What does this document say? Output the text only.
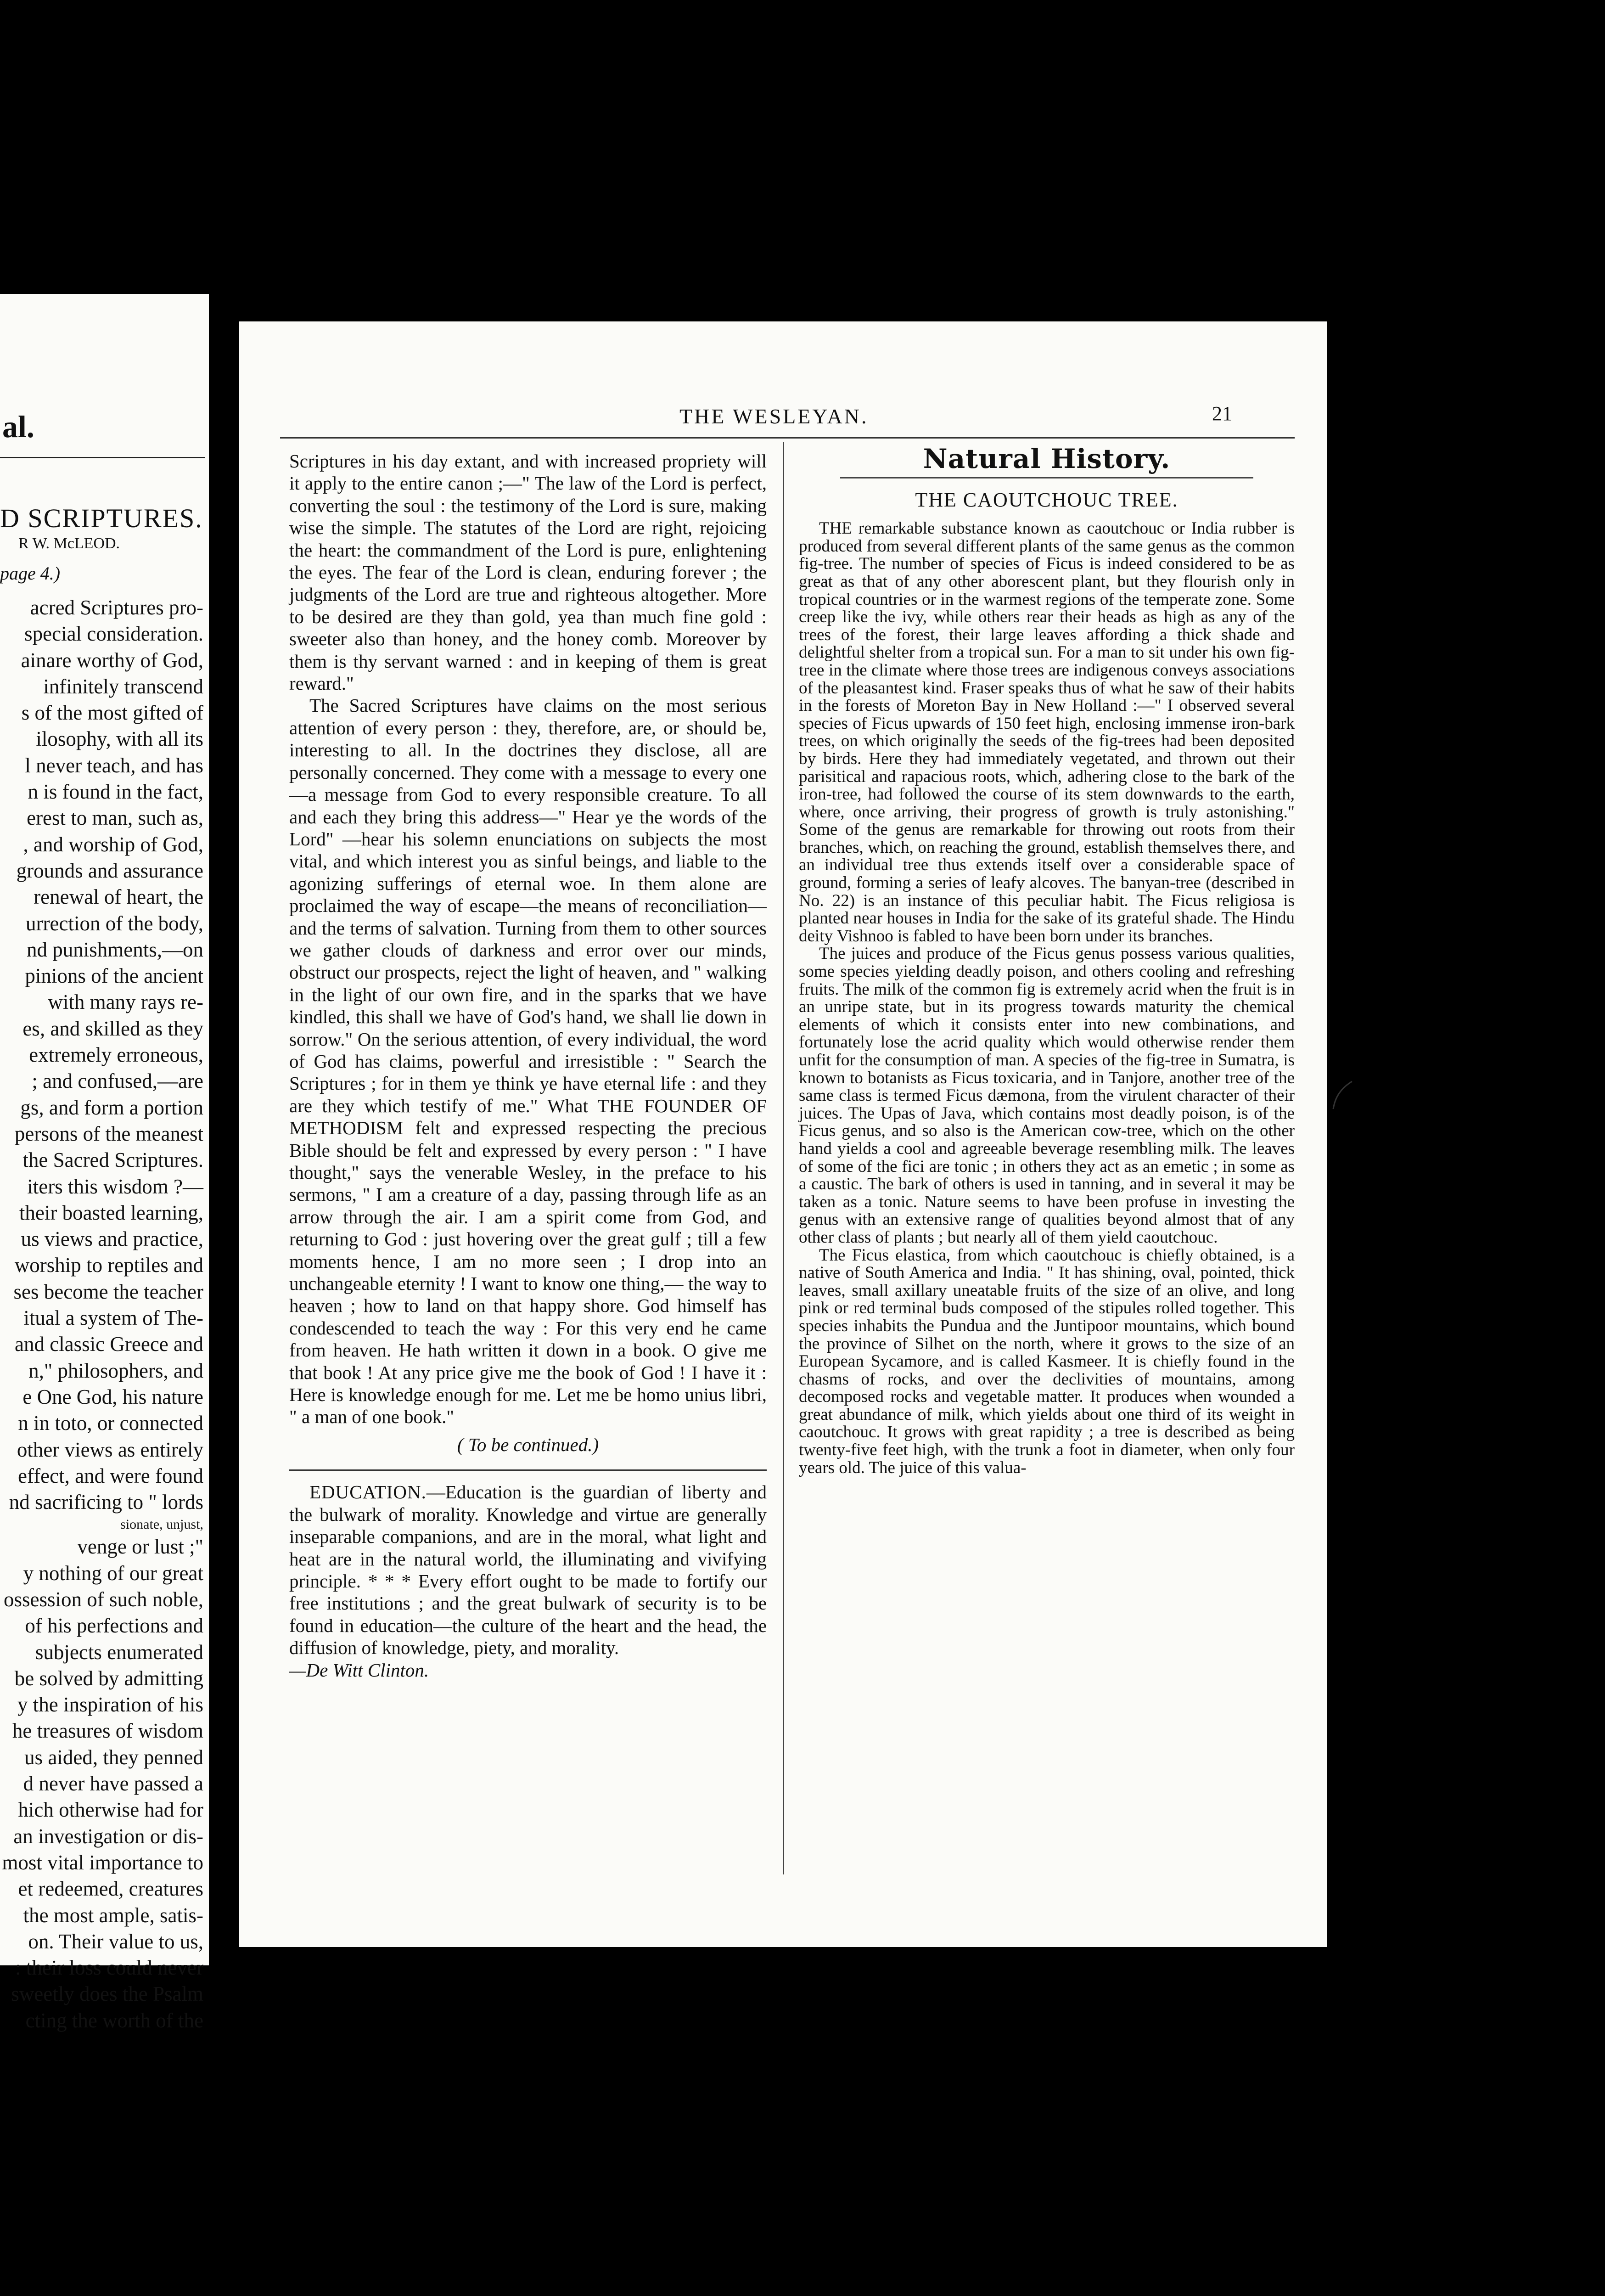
al.
D SCRIPTURES.
R W. McLEOD.
page 4.)

acred Scriptures pro-

special consideration.

ainare worthy of God,

infinitely transcend

s of the most gifted of

ilosophy, with all its

l never teach, and has

n is found in the fact,

erest to man, such as,

, and worship of God,

grounds and assurance

renewal of heart, the

urrection of the body,

nd punishments,—on

pinions of the ancient

with many rays re-

es, and skilled as they

extremely erroneous,

; and confused,—are

gs, and form a portion

persons of the meanest

the Sacred Scriptures.

iters this wisdom ?—

their boasted learning,

us views and practice,

worship to reptiles and

ses become the teacher

itual a system of The-

and classic Greece and

n," philosophers, and

e One God, his nature

n in toto, or connected

other views as entirely

effect, and were found

nd sacrificing to " lords

sionate, unjust,

venge or lust ;"

y nothing of our great

ossession of such noble,

of his perfections and

subjects enumerated

be solved by admitting

y the inspiration of his

he treasures of wisdom

us aided, they penned

d never have passed a

hich otherwise had for

an investigation or dis-

most vital importance to

et redeemed, creatures

the most ample, satis-

on. Their value to us,

: their loss could never

sweetly does the Psalm

cting the worth of the

THE WESLEYAN.	21

Scriptures in his day extant, and with increased propriety will it apply to the entire canon ;—" The law of the Lord is perfect, converting the soul : the testimony of the Lord is sure, making wise the simple. The statutes of the Lord are right, rejoicing the heart: the commandment of the Lord is pure, enlightening the eyes. The fear of the Lord is clean, enduring forever ; the judgments of the Lord are true and righteous altogether. More to be desired are they than gold, yea than much fine gold : sweeter also than honey, and the honey comb. Moreover by them is thy servant warned : and in keeping of them is great reward."

The Sacred Scriptures have claims on the most serious attention of every person : they, therefore, are, or should be, interesting to all. In the doctrines they disclose, all are personally concerned. They come with a message to every one—a message from God to every responsible creature. To all and each they bring this address—" Hear ye the words of the Lord" —hear his solemn enunciations on subjects the most vital, and which interest you as sinful beings, and liable to the agonizing sufferings of eternal woe. In them alone are proclaimed the way of escape—the means of reconciliation—and the terms of salvation. Turning from them to other sources we gather clouds of darkness and error over our minds, obstruct our prospects, reject the light of heaven, and " walking in the light of our own fire, and in the sparks that we have kindled, this shall we have of God's hand, we shall lie down in sorrow." On the serious attention, of every individual, the word of God has claims, powerful and irresistible : " Search the Scriptures ; for in them ye think ye have eternal life : and they are they which testify of me." What THE FOUNDER OF METHODISM felt and expressed respecting the precious Bible should be felt and expressed by every person : " I have thought," says the venerable Wesley, in the preface to his sermons, " I am a creature of a day, passing through life as an arrow through the air. I am a spirit come from God, and returning to God : just hovering over the great gulf ; till a few moments hence, I am no more seen ; I drop into an unchangeable eternity ! I want to know one thing,— the way to heaven ; how to land on that happy shore. God himself has condescended to teach the way : For this very end he came from heaven. He hath written it down in a book. O give me that book ! At any price give me the book of God ! I have it : Here is knowledge enough for me. Let me be homo unius libri, " a man of one book."

( To be continued.)

EDUCATION.—Education is the guardian of liberty and the bulwark of morality. Knowledge and virtue are generally inseparable companions, and are in the moral, what light and heat are in the natural world, the illuminating and vivifying principle. * * * Every effort ought to be made to fortify our free institutions ; and the great bulwark of security is to be found in education—the culture of the heart and the head, the diffusion of knowledge, piety, and morality.

—De Witt Clinton.

Natural History.
THE CAOUTCHOUC TREE.

THE remarkable substance known as caoutchouc or India rubber is produced from several different plants of the same genus as the common fig-tree. The number of species of Ficus is indeed considered to be as great as that of any other aborescent plant, but they flourish only in tropical countries or in the warmest regions of the temperate zone. Some creep like the ivy, while others rear their heads as high as any of the trees of the forest, their large leaves affording a thick shade and delightful shelter from a tropical sun. For a man to sit under his own fig-tree in the climate where those trees are indigenous conveys associations of the pleasantest kind. Fraser speaks thus of what he saw of their habits in the forests of Moreton Bay in New Holland :—" I observed several species of Ficus upwards of 150 feet high, enclosing immense iron-bark trees, on which originally the seeds of the fig-trees had been deposited by birds. Here they had immediately vegetated, and thrown out their parisitical and rapacious roots, which, adhering close to the bark of the iron-tree, had followed the course of its stem downwards to the earth, where, once arriving, their progress of growth is truly astonishing." Some of the genus are remarkable for throwing out roots from their branches, which, on reaching the ground, establish themselves there, and an individual tree thus extends itself over a considerable space of ground, forming a series of leafy alcoves. The banyan-tree (described in No. 22) is an instance of this peculiar habit. The Ficus religiosa is planted near houses in India for the sake of its grateful shade. The Hindu deity Vishnoo is fabled to have been born under its branches.

The juices and produce of the Ficus genus possess various qualities, some species yielding deadly poison, and others cooling and refreshing fruits. The milk of the common fig is extremely acrid when the fruit is in an unripe state, but in its progress towards maturity the chemical elements of which it consists enter into new combinations, and fortunately lose the acrid quality which would otherwise render them unfit for the consumption of man. A species of the fig-tree in Sumatra, is known to botanists as Ficus toxicaria, and in Tanjore, another tree of the same class is termed Ficus dæmona, from the virulent character of their juices. The Upas of Java, which contains most deadly poison, is of the Ficus genus, and so also is the American cow-tree, which on the other hand yields a cool and agreeable beverage resembling milk. The leaves of some of the fici are tonic ; in others they act as an emetic ; in some as a caustic. The bark of others is used in tanning, and in several it may be taken as a tonic. Nature seems to have been profuse in investing the genus with an extensive range of qualities beyond almost that of any other class of plants ; but nearly all of them yield caoutchouc.

The Ficus elastica, from which caoutchouc is chiefly obtained, is a native of South America and India. " It has shining, oval, pointed, thick leaves, small axillary uneatable fruits of the size of an olive, and long pink or red terminal buds composed of the stipules rolled together. This species inhabits the Pundua and the Juntipoor mountains, which bound the province of Silhet on the north, where it grows to the size of an European Sycamore, and is called Kasmeer. It is chiefly found in the chasms of rocks, and over the declivities of mountains, among decomposed rocks and vegetable matter. It produces when wounded a great abundance of milk, which yields about one third of its weight in caoutchouc. It grows with great rapidity ; a tree is described as being twenty-five feet high, with the trunk a foot in diameter, when only four years old. The juice of this valua-
